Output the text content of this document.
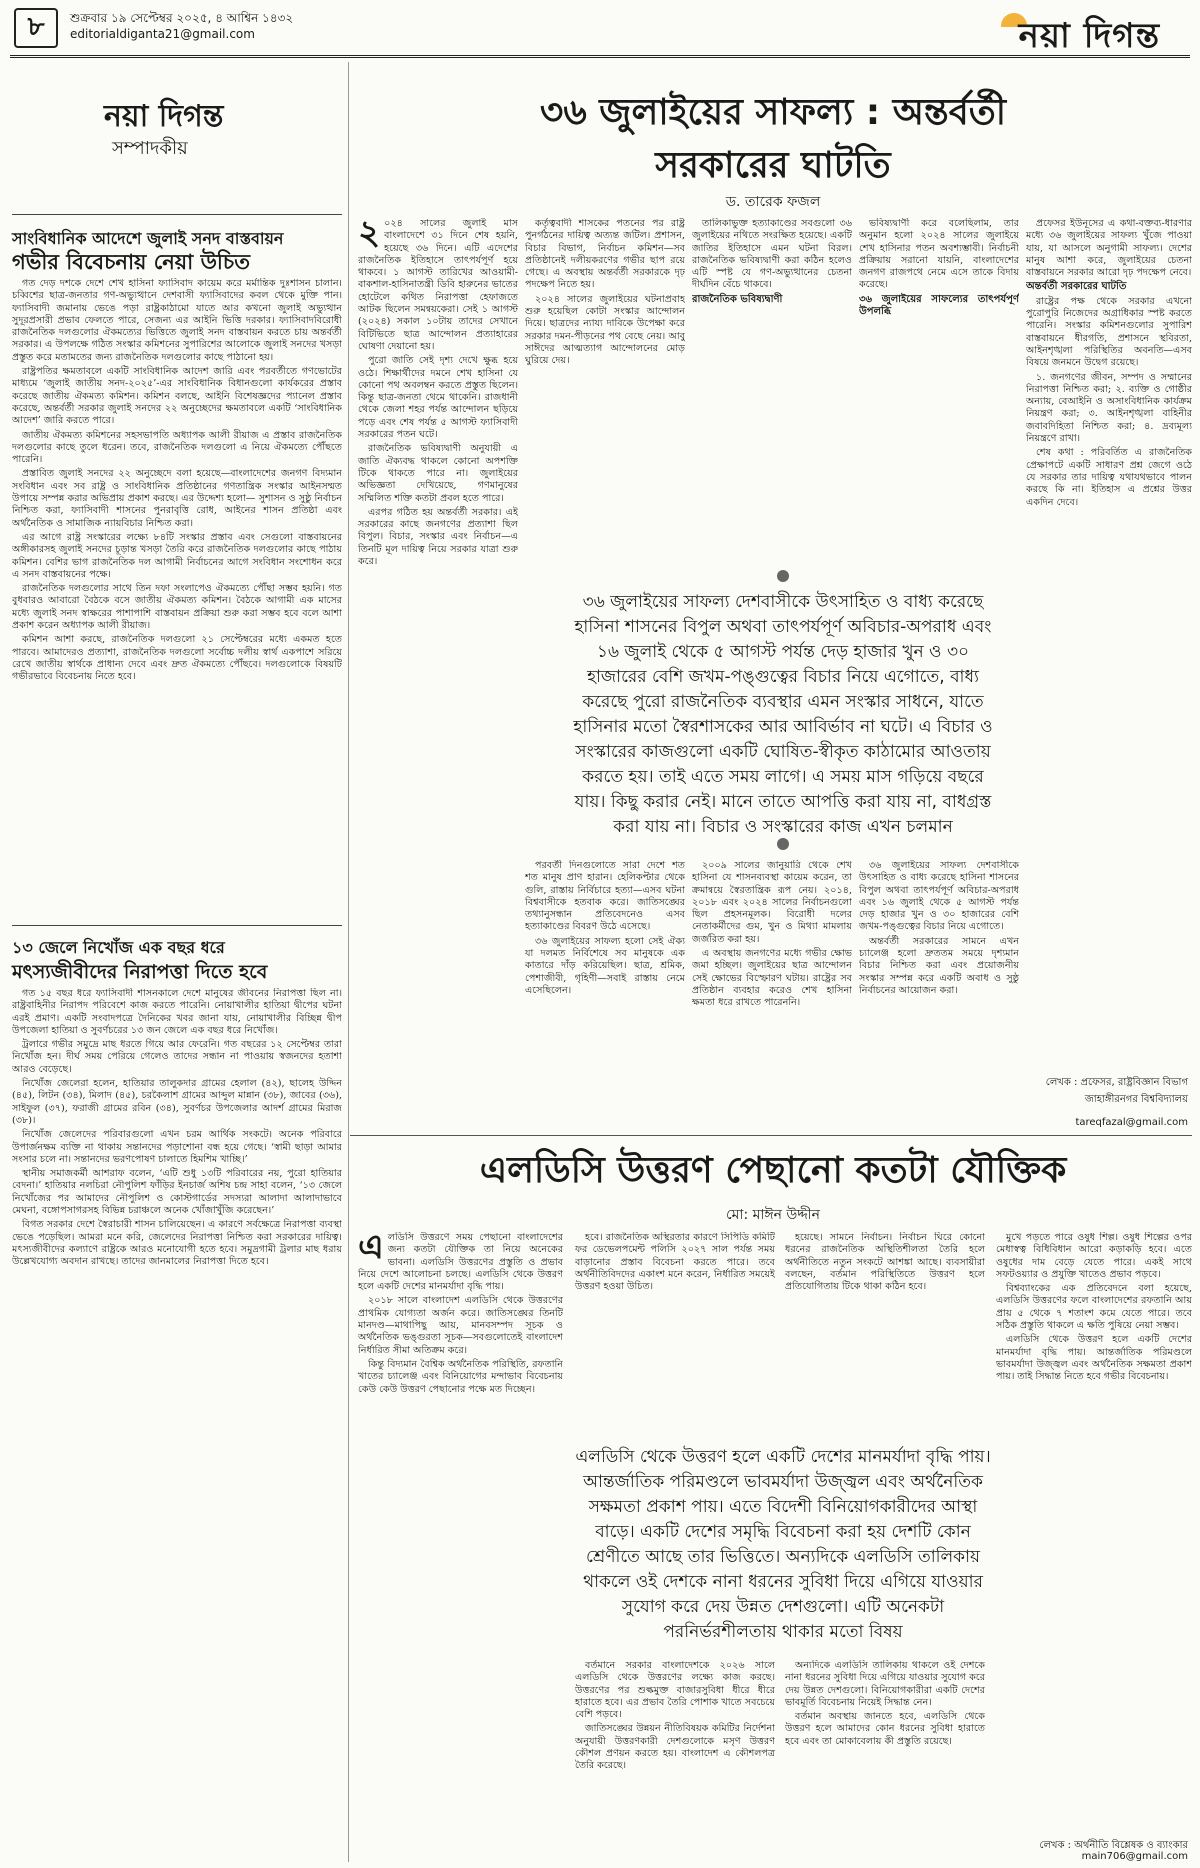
৮	শুক্রবার ১৯ সেপ্টেম্বর ২০২৫, ৪ আশ্বিন ১৪৩২
editorialdiganta21@gmail.com	নয়া দিগন্ত
নয়া দিগন্ত
সম্পাদকীয়
সাংবিধানিক আদেশে জুলাই সনদ বাস্তবায়ন
গভীর বিবেচনায় নেয়া উচিত

গত দেড় দশকে দেশে শেখ হাসিনা ফ্যাসিবাদ কায়েম করে মর্মান্তিক দুঃশাসন চালান। চব্বিশের ছাত্র-জনতার গণ-অভ্যুত্থানে দেশবাসী ফ্যাসিবাদের কবল থেকে মুক্তি পান। ফ্যাসিবাদী জমানায় ভেঙে পড়া রাষ্ট্রকাঠামো যাতে আর কখনো জুলাই অভ্যুত্থান সুদূরপ্রসারী প্রভাব ফেলতে পারে, সেজন্য এর আইনি ভিত্তি দরকার। ফ্যাসিবাদবিরোধী রাজনৈতিক দলগুলোর ঐকমত্যের ভিত্তিতে জুলাই সনদ বাস্তবায়ন করতে চায় অন্তর্বর্তী সরকার। এ উপলক্ষে গঠিত সংস্কার কমিশনের সুপারিশের আলোকে জুলাই সনদের খসড়া প্রস্তুত করে মতামতের জন্য রাজনৈতিক দলগুলোর কাছে পাঠানো হয়।

রাষ্ট্রপতির ক্ষমতাবলে একটি সাংবিধানিক আদেশ জারি এবং পরবর্তীতে গণভোটের মাধ্যমে ‘জুলাই জাতীয় সনদ-২০২৫’-এর সাংবিধানিক বিধানগুলো কার্যকরের প্রস্তাব করেছে জাতীয় ঐকমত্য কমিশন। কমিশন বলছে, আইনি বিশেষজ্ঞদের প্যানেল প্রস্তাব করেছে, অন্তর্বর্তী সরকার জুলাই সনদের ২২ অনুচ্ছেদের ক্ষমতাবলে একটি ‘সাংবিধানিক আদেশ’ জারি করতে পারে।

জাতীয় ঐকমত্য কমিশনের সহসভাপতি অধ্যাপক আলী রীয়াজ এ প্রস্তাব রাজনৈতিক দলগুলোর কাছে তুলে ধরেন। তবে, রাজনৈতিক দলগুলো এ নিয়ে ঐকমত্যে পৌঁছতে পারেনি।

প্রস্তাবিত জুলাই সনদের ২২ অনুচ্ছেদে বলা হয়েছে—বাংলাদেশের জনগণ বিদ্যমান সংবিধান এবং সব রাষ্ট্র ও সাংবিধানিক প্রতিষ্ঠানের গণতান্ত্রিক সংস্কার আইনসম্মত উপায়ে সম্পন্ন করার অভিপ্রায় প্রকাশ করছে। এর উদ্দেশ্য হলো— সুশাসন ও সুষ্ঠু নির্বাচন নিশ্চিত করা, ফ্যাসিবাদী শাসনের পুনরাবৃত্তি রোধ, আইনের শাসন প্রতিষ্ঠা এবং অর্থনৈতিক ও সামাজিক ন্যায়বিচার নিশ্চিত করা।

এর আগে রাষ্ট্র সংস্কারের লক্ষ্যে ৮৪টি সংস্কার প্রস্তাব এবং সেগুলো বাস্তবায়নের অঙ্গীকারসহ জুলাই সনদের চূড়ান্ত খসড়া তৈরি করে রাজনৈতিক দলগুলোর কাছে পাঠায় কমিশন। বেশির ভাগ রাজনৈতিক দল আগামী নির্বাচনের আগে সংবিধান সংশোধন করে এ সনদ বাস্তবায়নের পক্ষে।

রাজনৈতিক দলগুলোর সাথে তিন দফা সংলাপেও ঐকমত্যে পৌঁছা সম্ভব হয়নি। গত বুধবারও আবারো বৈঠকে বসে জাতীয় ঐকমত্য কমিশন। বৈঠকে আগামী এক মাসের মধ্যে জুলাই সনদ স্বাক্ষরের পাশাপাশি বাস্তবায়ন প্রক্রিয়া শুরু করা সম্ভব হবে বলে আশা প্রকাশ করেন অধ্যাপক আলী রীয়াজ।

কমিশন আশা করছে, রাজনৈতিক দলগুলো ২১ সেপ্টেম্বরের মধ্যে একমত হতে পারবে। আমাদেরও প্রত্যাশা, রাজনৈতিক দলগুলো সর্বোচ্চ দলীয় স্বার্থ একপাশে সরিয়ে রেখে জাতীয় স্বার্থকে প্রাধান্য দেবে এবং দ্রুত ঐকমত্যে পৌঁছবে। দলগুলোকে বিষয়টি গভীরভাবে বিবেচনায় নিতে হবে।

১৩ জেলে নিখোঁজ এক বছর ধরে
মৎস্যজীবীদের নিরাপত্তা দিতে হবে

গত ১৫ বছর ধরে ফ্যাসিবাদী শাসনকালে দেশে মানুষের জীবনের নিরাপত্তা ছিল না। রাষ্ট্রবাহিনীর নিরাপদ পরিবেশে কাজ করতে পারেনি। নোয়াখালীর হাতিয়া দ্বীপের ঘটনা এরই প্রমাণ। একটি সংবাদপত্রে দৈনিকের খবর জানা যায়, নোয়াখালীর বিচ্ছিন্ন দ্বীপ উপজেলা হাতিয়া ও সুবর্ণচরের ১৩ জন জেলে এক বছর ধরে নিখোঁজ।

ট্রলারে গভীর সমুদ্রে মাছ ধরতে গিয়ে আর ফেরেনি। গত বছরের ১২ সেপ্টেম্বর তারা নিখোঁজ হন। দীর্ঘ সময় পেরিয়ে গেলেও তাদের সন্ধান না পাওয়ায় স্বজনদের হতাশা আরও বেড়েছে।

নিখোঁজ জেলেরা হলেন, হাতিয়ার তালুকদার গ্রামের হেলাল (৪২), ছালেহ উদ্দিন (৪৫), লিটন (৩৪), মিলাদ (৪৫), চরকৈলাশ গ্রামের আব্দুল মান্নান (৩৮), জাবের (৩৬), সাইফুল (৩৭), ফরাজী গ্রামের রবিন (৩৪), সুবর্ণচর উপজেলার আদর্শ গ্রামের মিরাজ (৩৮)।

নিখোঁজ জেলেদের পরিবারগুলো এখন চরম আর্থিক সংকটে। অনেক পরিবারে উপার্জনক্ষম ব্যক্তি না থাকায় সন্তানদের পড়াশোনা বন্ধ হয়ে গেছে। ‘স্বামী ছাড়া আমার সংসার চলে না। সন্তানদের ভরণপোষণ চালাতে হিমশিম খাচ্ছি।’

স্থানীয় সমাজকর্মী আশরাফ বলেন, ‘এটি শুধু ১৩টি পরিবারের নয়, পুরো হাতিয়ার বেদনা।’ হাতিয়ার নলচিরা নৌপুলিশ ফাঁড়ির ইনচার্জ অশিষ চন্দ্র সাহা বলেন, ‘১৩ জেলে নিখোঁজের পর আমাদের নৌপুলিশ ও কোস্টগার্ডের সদস্যরা আলাদা আলাদাভাবে মেঘনা, বঙ্গোপসাগরসহ বিভিন্ন চরাঞ্চলে অনেক খোঁজাখুঁজি করেছেন।’

বিগত সরকার দেশে স্বৈরাচারী শাসন চালিয়েছেন। এ কারণে সর্বক্ষেত্রে নিরাপত্তা ব্যবস্থা ভেঙে পড়েছিল। আমরা মনে করি, জেলেদের নিরাপত্তা নিশ্চিত করা সরকারের দায়িত্ব। মৎস্যজীবীদের কল্যাণে রাষ্ট্রকে আরও মনোযোগী হতে হবে। সমুদ্রগামী ট্রলার মাছ ধরায় উল্লেখযোগ্য অবদান রাখছে। তাদের জানমালের নিরাপত্তা দিতে হবে।

৩৬ জুলাইয়ের সাফল্য : অন্তর্বর্তী
সরকারের ঘাটতি
ড. তারেক ফজল

২ ০২৪ সালের জুলাই মাস বাংলাদেশে ৩১ দিনে শেষ হয়নি, হয়েছে ৩৬ দিনে। এটি এদেশের রাজনৈতিক ইতিহাসে তাৎপর্যপূর্ণ হয়ে থাকবে। ১ আগস্ট তারিখের আওয়ামী-বাকশাল-হাসিনাতন্ত্রী ডিবি হারুনের ভাতের হোটেলে কথিত নিরাপত্তা হেফাজতে আটক ছিলেন সমন্বয়কেরা। সেই ১ আগস্ট (২০২৪) সকাল ১০টায় তাদের সেখানে বিটিভিতে ছাত্র আন্দোলন প্রত্যাহারের ঘোষণা দেয়ানো হয়।

পুরো জাতি সেই দৃশ্য দেখে ক্ষুব্ধ হয়ে ওঠে। শিক্ষার্থীদের দমনে শেখ হাসিনা যে কোনো পথ অবলম্বন করতে প্রস্তুত ছিলেন। কিন্তু ছাত্র-জনতা থেমে থাকেনি। রাজধানী থেকে জেলা শহর পর্যন্ত আন্দোলন ছড়িয়ে পড়ে এবং শেষ পর্যন্ত ৫ আগস্ট ফ্যাসিবাদী সরকারের পতন ঘটে।

রাজনৈতিক ভবিষ্যদ্বাণী অনুযায়ী এ জাতি ঐক্যবদ্ধ থাকলে কোনো অপশক্তি টিকে থাকতে পারে না। জুলাইয়ের অভিজ্ঞতা দেখিয়েছে, গণমানুষের সম্মিলিত শক্তি কতটা প্রবল হতে পারে।

এরপর গঠিত হয় অন্তর্বর্তী সরকার। এই সরকারের কাছে জনগণের প্রত্যাশা ছিল বিপুল। বিচার, সংস্কার এবং নির্বাচন—এ তিনটি মূল দায়িত্ব নিয়ে সরকার যাত্রা শুরু করে।

কর্তৃত্ববাদী শাসকের পতনের পর রাষ্ট্র পুনর্গঠনের দায়িত্ব অত্যন্ত জটিল। প্রশাসন, বিচার বিভাগ, নির্বাচন কমিশন—সব প্রতিষ্ঠানেই দলীয়করণের গভীর ছাপ রয়ে গেছে। এ অবস্থায় অন্তর্বর্তী সরকারকে দৃঢ় পদক্ষেপ নিতে হয়।

২০২৪ সালের জুলাইয়ের ঘটনাপ্রবাহ শুরু হয়েছিল কোটা সংস্কার আন্দোলন দিয়ে। ছাত্রদের ন্যায্য দাবিকে উপেক্ষা করে সরকার দমন-পীড়নের পথ বেছে নেয়। আবু সাঈদের আত্মত্যাগ আন্দোলনের মোড় ঘুরিয়ে দেয়।

তালিকাভুক্ত হত্যাকাণ্ডের সবগুলো ৩৬ জুলাইয়ের নথিতে সংরক্ষিত হয়েছে। একটি জাতির ইতিহাসে এমন ঘটনা বিরল। রাজনৈতিক ভবিষ্যদ্বাণী করা কঠিন হলেও এটি স্পষ্ট যে গণ-অভ্যুত্থানের চেতনা দীর্ঘদিন বেঁচে থাকবে।

রাজনৈতিক ভবিষ্যদ্বাণী

ভবিষ্যদ্বাণী করে বলেছিলাম, তার অনুমান হলো ২০২৪ সালের জুলাইয়ে শেখ হাসিনার পতন অবশ্যম্ভাবী। নির্বাচনী প্রক্রিয়ায় সরানো যায়নি, বাংলাদেশের জনগণ রাজপথে নেমে এসে তাকে বিদায় করেছে।

৩৬ জুলাইয়ের সাফল্যের তাৎপর্যপূর্ণ উপলব্ধি

প্রফেসর ইউনূসের এ কথা-বক্তব্য-ধারণার মধ্যে ৩৬ জুলাইয়ের সাফল্য খুঁজে পাওয়া যায়, যা আসলে অনুগামী সাফল্য। দেশের মানুষ আশা করে, জুলাইয়ের চেতনা বাস্তবায়নে সরকার আরো দৃঢ় পদক্ষেপ নেবে।

অন্তর্বর্তী সরকারের ঘাটতি

রাষ্ট্রের পক্ষ থেকে সরকার এখনো পুরোপুরি নিজেদের অগ্রাধিকার স্পষ্ট করতে পারেনি। সংস্কার কমিশনগুলোর সুপারিশ বাস্তবায়নে ধীরগতি, প্রশাসনে স্থবিরতা, আইনশৃঙ্খলা পরিস্থিতির অবনতি—এসব বিষয়ে জনমনে উদ্বেগ রয়েছে।

১. জনগণের জীবন, সম্পদ ও সম্মানের নিরাপত্তা নিশ্চিত করা; ২. ব্যক্তি ও গোষ্ঠীর অন্যায়, বেআইনি ও অসাংবিধানিক কার্যক্রম নিয়ন্ত্রণ করা; ৩. আইনশৃঙ্খলা বাহিনীর জবাবদিহিতা নিশ্চিত করা; ৪. দ্রব্যমূল্য নিয়ন্ত্রণে রাখা।

শেষ কথা : পরিবর্তিত এ রাজনৈতিক প্রেক্ষাপটে একটি সাধারণ প্রশ্ন জেগে ওঠে যে সরকার তার দায়িত্ব যথাযথভাবে পালন করছে কি না। ইতিহাস এ প্রশ্নের উত্তর একদিন দেবে।

৩৬ জুলাইয়ের সাফল্য দেশবাসীকে উৎসাহিত ও বাধ্য করেছে হাসিনা শাসনের বিপুল অথবা তাৎপর্যপূর্ণ অবিচার-অপরাধ এবং ১৬ জুলাই থেকে ৫ আগস্ট পর্যন্ত দেড় হাজার খুন ও ৩০ হাজারের বেশি জখম-পঙ্গুত্বের বিচার নিয়ে এগোতে, বাধ্য করেছে পুরো রাজনৈতিক ব্যবস্থার এমন সংস্কার সাধনে, যাতে হাসিনার মতো স্বৈরশাসকের আর আবির্ভাব না ঘটে। এ বিচার ও সংস্কারের কাজগুলো একটি ঘোষিত-স্বীকৃত কাঠামোর আওতায় করতে হয়। তাই এতে সময় লাগে। এ সময় মাস গড়িয়ে বছরে যায়। কিছু করার নেই। মানে তাতে আপত্তি করা যায় না, বাধগ্রস্ত করা যায় না। বিচার ও সংস্কারের কাজ এখন চলমান

পরবর্তী দিনগুলোতে সারা দেশে শত শত মানুষ প্রাণ হারান। হেলিকপ্টার থেকে গুলি, রাস্তায় নির্বিচারে হত্যা—এসব ঘটনা বিশ্ববাসীকে হতবাক করে। জাতিসঙ্ঘের তথ্যানুসন্ধান প্রতিবেদনেও এসব হত্যাকাণ্ডের বিবরণ উঠে এসেছে।

৩৬ জুলাইয়ের সাফল্য হলো সেই ঐক্য যা দলমত নির্বিশেষে সব মানুষকে এক কাতারে দাঁড় করিয়েছিল। ছাত্র, শ্রমিক, পেশাজীবী, গৃহিণী—সবাই রাস্তায় নেমে এসেছিলেন।

২০০৯ সালের জানুয়ারি থেকে শেখ হাসিনা যে শাসনব্যবস্থা কায়েম করেন, তা ক্রমান্বয়ে স্বৈরতান্ত্রিক রূপ নেয়। ২০১৪, ২০১৮ এবং ২০২৪ সালের নির্বাচনগুলো ছিল প্রহসনমূলক। বিরোধী দলের নেতাকর্মীদের গুম, খুন ও মিথ্যা মামলায় জর্জরিত করা হয়।

এ অবস্থায় জনগণের মধ্যে গভীর ক্ষোভ জমা হচ্ছিল। জুলাইয়ের ছাত্র আন্দোলন সেই ক্ষোভের বিস্ফোরণ ঘটায়। রাষ্ট্রের সব প্রতিষ্ঠান ব্যবহার করেও শেখ হাসিনা ক্ষমতা ধরে রাখতে পারেননি।

৩৬ জুলাইয়ের সাফল্য দেশবাসীকে উৎসাহিত ও বাধ্য করেছে হাসিনা শাসনের বিপুল অথবা তাৎপর্যপূর্ণ অবিচার-অপরাধ এবং ১৬ জুলাই থেকে ৫ আগস্ট পর্যন্ত দেড় হাজার খুন ও ৩০ হাজারের বেশি জখম-পঙ্গুত্বের বিচার নিয়ে এগোতে।

অন্তর্বর্তী সরকারের সামনে এখন চ্যালেঞ্জ হলো দ্রুততম সময়ে দৃশ্যমান বিচার নিশ্চিত করা এবং প্রয়োজনীয় সংস্কার সম্পন্ন করে একটি অবাধ ও সুষ্ঠু নির্বাচনের আয়োজন করা।

লেখক : প্রফেসর, রাষ্ট্রবিজ্ঞান বিভাগ জাহাঙ্গীরনগর বিশ্ববিদ্যালয়
tareqfazal@gmail.com
এলডিসি উত্তরণ পেছানো কতটা যৌক্তিক
মো: মাঈন উদ্দীন

এলডিসি উত্তরণে সময় পেছানো বাংলাদেশের জন্য কতটা যৌক্তিক তা নিয়ে অনেকের ভাবনা। এলডিসি উত্তরণের প্রস্তুতি ও প্রভাব নিয়ে দেশে আলোচনা চলছে। এলডিসি থেকে উত্তরণ হলে একটি দেশের মানমর্যাদা বৃদ্ধি পায়।

২০১৮ সালে বাংলাদেশ এলডিসি থেকে উত্তরণের প্রাথমিক যোগ্যতা অর্জন করে। জাতিসঙ্ঘের তিনটি মানদণ্ড—মাথাপিছু আয়, মানবসম্পদ সূচক ও অর্থনৈতিক ভঙ্গুরতা সূচক—সবগুলোতেই বাংলাদেশ নির্ধারিত সীমা অতিক্রম করে।

কিন্তু বিদ্যমান বৈশ্বিক অর্থনৈতিক পরিস্থিতি, রফতানি খাতের চ্যালেঞ্জ এবং বিনিয়োগের মন্দাভাব বিবেচনায় কেউ কেউ উত্তরণ পেছানোর পক্ষে মত দিচ্ছেন।

হবে। রাজনৈতিক অস্থিরতার কারণে সিপিডি কমিটি ফর ডেভেলপমেন্ট পলিসি ২০২৭ সাল পর্যন্ত সময় বাড়ানোর প্রস্তাব বিবেচনা করতে পারে। তবে অর্থনীতিবিদদের একাংশ মনে করেন, নির্ধারিত সময়েই উত্তরণ হওয়া উচিত।

হয়েছে। সামনে নির্বাচন। নির্বাচন ঘিরে কোনো ধরনের রাজনৈতিক অস্থিতিশীলতা তৈরি হলে অর্থনীতিতে নতুন সংকটে আশঙ্কা আছে। ব্যবসায়ীরা বলছেন, বর্তমান পরিস্থিতিতে উত্তরণ হলে প্রতিযোগিতায় টিকে থাকা কঠিন হবে।

মুখে পড়তে পারে ওষুধ শিল্প। ওষুধ শিল্পের ওপর মেধাস্বত্ব বিধিবিধান আরো কড়াকড়ি হবে। এতে ওষুধের দাম বেড়ে যেতে পারে। একই সাথে সফটওয়্যার ও প্রযুক্তি খাতেও প্রভাব পড়বে।

বিশ্বব্যাংকের এক প্রতিবেদনে বলা হয়েছে, এলডিসি উত্তরণের ফলে বাংলাদেশের রফতানি আয় প্রায় ৫ থেকে ৭ শতাংশ কমে যেতে পারে। তবে সঠিক প্রস্তুতি থাকলে এ ক্ষতি পুষিয়ে নেয়া সম্ভব।

এলডিসি থেকে উত্তরণ হলে একটি দেশের মানমর্যাদা বৃদ্ধি পায়। আন্তর্জাতিক পরিমণ্ডলে ভাবমর্যাদা উজ্জ্বল এবং অর্থনৈতিক সক্ষমতা প্রকাশ পায়। তাই সিদ্ধান্ত নিতে হবে গভীর বিবেচনায়।

এলডিসি থেকে উত্তরণ হলে একটি দেশের মানমর্যাদা বৃদ্ধি পায়। আন্তর্জাতিক পরিমণ্ডলে ভাবমর্যাদা উজ্জ্বল এবং অর্থনৈতিক সক্ষমতা প্রকাশ পায়। এতে বিদেশী বিনিয়োগকারীদের আস্থা বাড়ে। একটি দেশের সমৃদ্ধি বিবেচনা করা হয় দেশটি কোন শ্রেণীতে আছে তার ভিত্তিতে। অন্যদিকে এলডিসি তালিকায় থাকলে ওই দেশকে নানা ধরনের সুবিধা দিয়ে এগিয়ে যাওয়ার সুযোগ করে দেয় উন্নত দেশগুলো। এটি অনেকটা পরনির্ভরশীলতায় থাকার মতো বিষয়

বর্তমানে সরকার বাংলাদেশকে ২০২৬ সালে এলডিসি থেকে উত্তরণের লক্ষ্যে কাজ করছে। উত্তরণের পর শুল্কমুক্ত বাজারসুবিধা ধীরে ধীরে হারাতে হবে। এর প্রভাব তৈরি পোশাক খাতে সবচেয়ে বেশি পড়বে।

জাতিসঙ্ঘের উন্নয়ন নীতিবিষয়ক কমিটির নির্দেশনা অনুযায়ী উত্তরণকারী দেশগুলোকে মসৃণ উত্তরণ কৌশল প্রণয়ন করতে হয়। বাংলাদেশ এ কৌশলপত্র তৈরি করেছে।

অন্যদিকে এলডিসি তালিকায় থাকলে ওই দেশকে নানা ধরনের সুবিধা দিয়ে এগিয়ে যাওয়ার সুযোগ করে দেয় উন্নত দেশগুলো। বিনিয়োগকারীরা একটি দেশের ভাবমূর্তি বিবেচনায় নিয়েই সিদ্ধান্ত নেন।

বর্তমান অবস্থায় জানতে হবে, এলডিসি থেকে উত্তরণ হলে আমাদের কোন ধরনের সুবিধা হারাতে হবে এবং তা মোকাবেলায় কী প্রস্তুতি রয়েছে।

লেখক : অর্থনীতি বিশ্লেষক ও ব্যাংকার
main706@gmail.com
